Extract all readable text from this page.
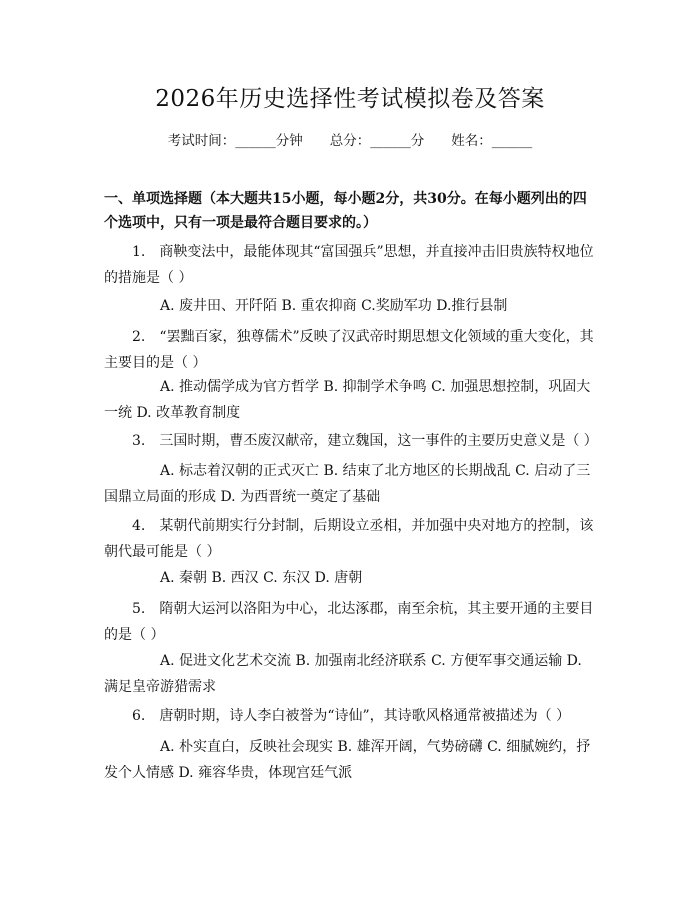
2026年历史选择性考试模拟卷及答案
考试时间：______分钟　　总分：______分　　姓名：______
一、单项选择题（本大题共15小题，每小题2分，共30分。在每小题列出的四个选项中，只有一项是最符合题目要求的。）
1.　商鞅变法中，最能体现其“富国强兵”思想，并直接冲击旧贵族特权地位的措施是（ ）
A. 废井田、开阡陌 B. 重农抑商 C.奖励军功 D.推行县制
2.　“罢黜百家，独尊儒术”反映了汉武帝时期思想文化领域的重大变化，其主要目的是（ ）
A. 推动儒学成为官方哲学 B. 抑制学术争鸣 C. 加强思想控制，巩固大一统 D. 改革教育制度
3.　三国时期，曹丕废汉献帝，建立魏国，这一事件的主要历史意义是（ ）
A. 标志着汉朝的正式灭亡 B. 结束了北方地区的长期战乱 C. 启动了三国鼎立局面的形成 D. 为西晋统一奠定了基础
4.　某朝代前期实行分封制，后期设立丞相，并加强中央对地方的控制，该朝代最可能是（ ）
A. 秦朝 B. 西汉 C. 东汉 D. 唐朝
5.　隋朝大运河以洛阳为中心，北达涿郡，南至余杭，其主要开通的主要目的是（ ）
A. 促进文化艺术交流 B. 加强南北经济联系 C. 方便军事交通运输 D. 满足皇帝游猎需求
6.　唐朝时期，诗人李白被誉为“诗仙”，其诗歌风格通常被描述为（ ）
A. 朴实直白，反映社会现实 B. 雄浑开阔，气势磅礴 C. 细腻婉约，抒发个人情感 D. 雍容华贵，体现宫廷气派
